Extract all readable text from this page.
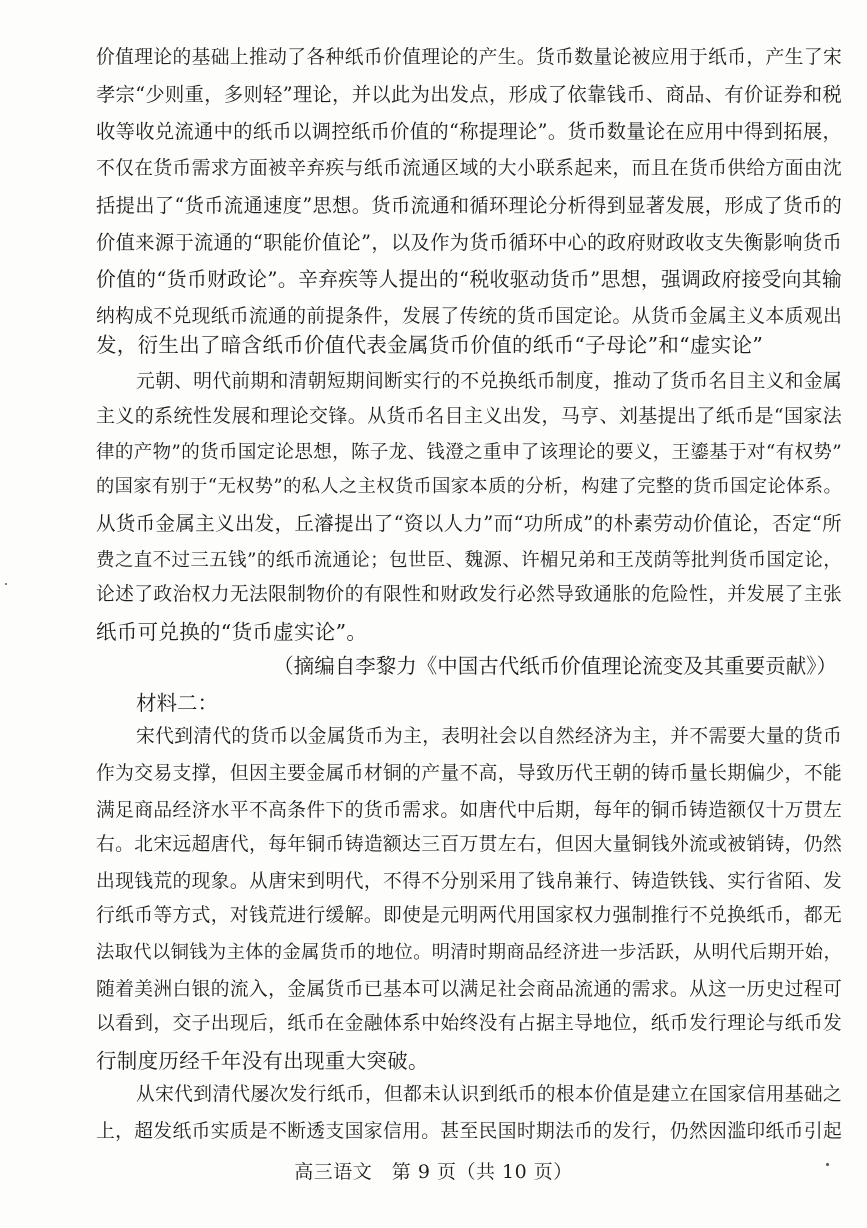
价值理论的基础上推动了各种纸币价值理论的产生。货币数量论被应用于纸币，产生了宋
孝宗“少则重，多则轻”理论，并以此为出发点，形成了依靠钱币、商品、有价证券和税
收等收兑流通中的纸币以调控纸币价值的“称提理论”。货币数量论在应用中得到拓展，
不仅在货币需求方面被辛弃疾与纸币流通区域的大小联系起来，而且在货币供给方面由沈
括提出了“货币流通速度”思想。货币流通和循环理论分析得到显著发展，形成了货币的
价值来源于流通的“职能价值论”，以及作为货币循环中心的政府财政收支失衡影响货币
价值的“货币财政论”。辛弃疾等人提出的“税收驱动货币”思想，强调政府接受向其输
纳构成不兑现纸币流通的前提条件，发展了传统的货币国定论。从货币金属主义本质观出
发，衍生出了暗含纸币价值代表金属货币价值的纸币“子母论”和“虚实论”
元朝、明代前期和清朝短期间断实行的不兑换纸币制度，推动了货币名目主义和金属
主义的系统性发展和理论交锋。从货币名目主义出发，马亨、刘基提出了纸币是“国家法
律的产物”的货币国定论思想，陈子龙、钱澄之重申了该理论的要义，王鎏基于对“有权势”
的国家有别于“无权势”的私人之主权货币国家本质的分析，构建了完整的货币国定论体系。
从货币金属主义出发，丘濬提出了“资以人力”而“功所成”的朴素劳动价值论，否定“所
费之直不过三五钱”的纸币流通论；包世臣、魏源、许楣兄弟和王茂荫等批判货币国定论，
论述了政治权力无法限制物价的有限性和财政发行必然导致通胀的危险性，并发展了主张
纸币可兑换的“货币虚实论”。
（摘编自李黎力《中国古代纸币价值理论流变及其重要贡献》）
材料二：
宋代到清代的货币以金属货币为主，表明社会以自然经济为主，并不需要大量的货币
作为交易支撑，但因主要金属币材铜的产量不高，导致历代王朝的铸币量长期偏少，不能
满足商品经济水平不高条件下的货币需求。如唐代中后期，每年的铜币铸造额仅十万贯左
右。北宋远超唐代，每年铜币铸造额达三百万贯左右，但因大量铜钱外流或被销铸，仍然
出现钱荒的现象。从唐宋到明代，不得不分别采用了钱帛兼行、铸造铁钱、实行省陌、发
行纸币等方式，对钱荒进行缓解。即使是元明两代用国家权力强制推行不兑换纸币，都无
法取代以铜钱为主体的金属货币的地位。明清时期商品经济进一步活跃，从明代后期开始，
随着美洲白银的流入，金属货币已基本可以满足社会商品流通的需求。从这一历史过程可
以看到，交子出现后，纸币在金融体系中始终没有占据主导地位，纸币发行理论与纸币发
行制度历经千年没有出现重大突破。
从宋代到清代屡次发行纸币，但都未认识到纸币的根本价值是建立在国家信用基础之
上，超发纸币实质是不断透支国家信用。甚至民国时期法币的发行，仍然因滥印纸币引起
高三语文　第 9 页（共 10 页）
